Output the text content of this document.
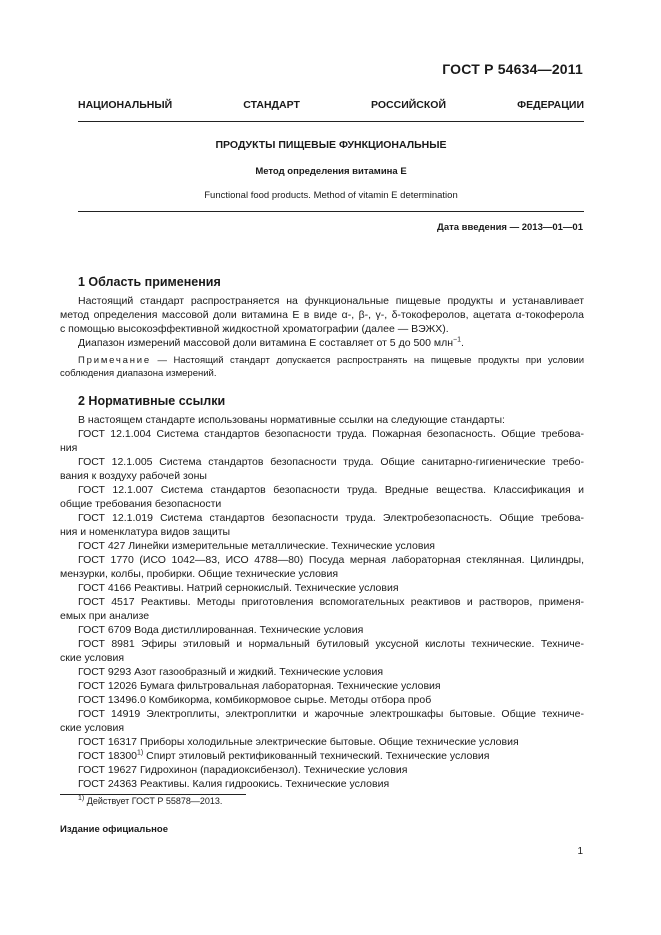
ГОСТ Р 54634—2011
НАЦИОНАЛЬНЫЙ СТАНДАРТ РОССИЙСКОЙ ФЕДЕРАЦИИ
ПРОДУКТЫ ПИЩЕВЫЕ ФУНКЦИОНАЛЬНЫЕ
Метод определения витамина Е
Functional food products. Method of vitamin E determination
Дата введения — 2013—01—01
1 Область применения
Настоящий стандарт распространяется на функциональные пищевые продукты и устанавливает
метод определения массовой доли витамина Е в виде α-, β-, γ-, δ-токоферолов, ацетата α-токоферола
с помощью высокоэффективной жидкостной хроматографии (далее — ВЭЖХ).
Диапазон измерений массовой доли витамина Е составляет от 5 до 500 млн$^{-1}$.
Примечание — Настоящий стандарт допускается распространять на пищевые продукты при условии
соблюдения диапазона измерений.
2 Нормативные ссылки
В настоящем стандарте использованы нормативные ссылки на следующие стандарты:
ГОСТ 12.1.004 Система стандартов безопасности труда. Пожарная безопасность. Общие требова-
ния
ГОСТ 12.1.005 Система стандартов безопасности труда. Общие санитарно-гигиенические требо-
вания к воздуху рабочей зоны
ГОСТ 12.1.007 Система стандартов безопасности труда. Вредные вещества. Классификация и
общие требования безопасности
ГОСТ 12.1.019 Система стандартов безопасности труда. Электробезопасность. Общие требова-
ния и номенклатура видов защиты
ГОСТ 427 Линейки измерительные металлические. Технические условия
ГОСТ 1770 (ИСО 1042—83, ИСО 4788—80) Посуда мерная лабораторная стеклянная. Цилиндры,
мензурки, колбы, пробирки. Общие технические условия
ГОСТ 4166 Реактивы. Натрий сернокислый. Технические условия
ГОСТ 4517 Реактивы. Методы приготовления вспомогательных реактивов и растворов, применя-
емых при анализе
ГОСТ 6709 Вода дистиллированная. Технические условия
ГОСТ 8981 Эфиры этиловый и нормальный бутиловый уксусной кислоты технические. Техниче-
ские условия
ГОСТ 9293 Азот газообразный и жидкий. Технические условия
ГОСТ 12026 Бумага фильтровальная лабораторная. Технические условия
ГОСТ 13496.0 Комбикорма, комбикормовое сырье. Методы отбора проб
ГОСТ 14919 Электроплиты, электроплитки и жарочные электрошкафы бытовые. Общие техниче-
ские условия
ГОСТ 16317 Приборы холодильные электрические бытовые. Общие технические условия
ГОСТ 18300$^{1)}$ Спирт этиловый ректификованный технический. Технические условия
ГОСТ 19627 Гидрохинон (парадиоксибензол). Технические условия
ГОСТ 24363 Реактивы. Калия гидроокись. Технические условия
$^{1)}$ Действует ГОСТ Р 55878—2013.
Издание официальное
1
